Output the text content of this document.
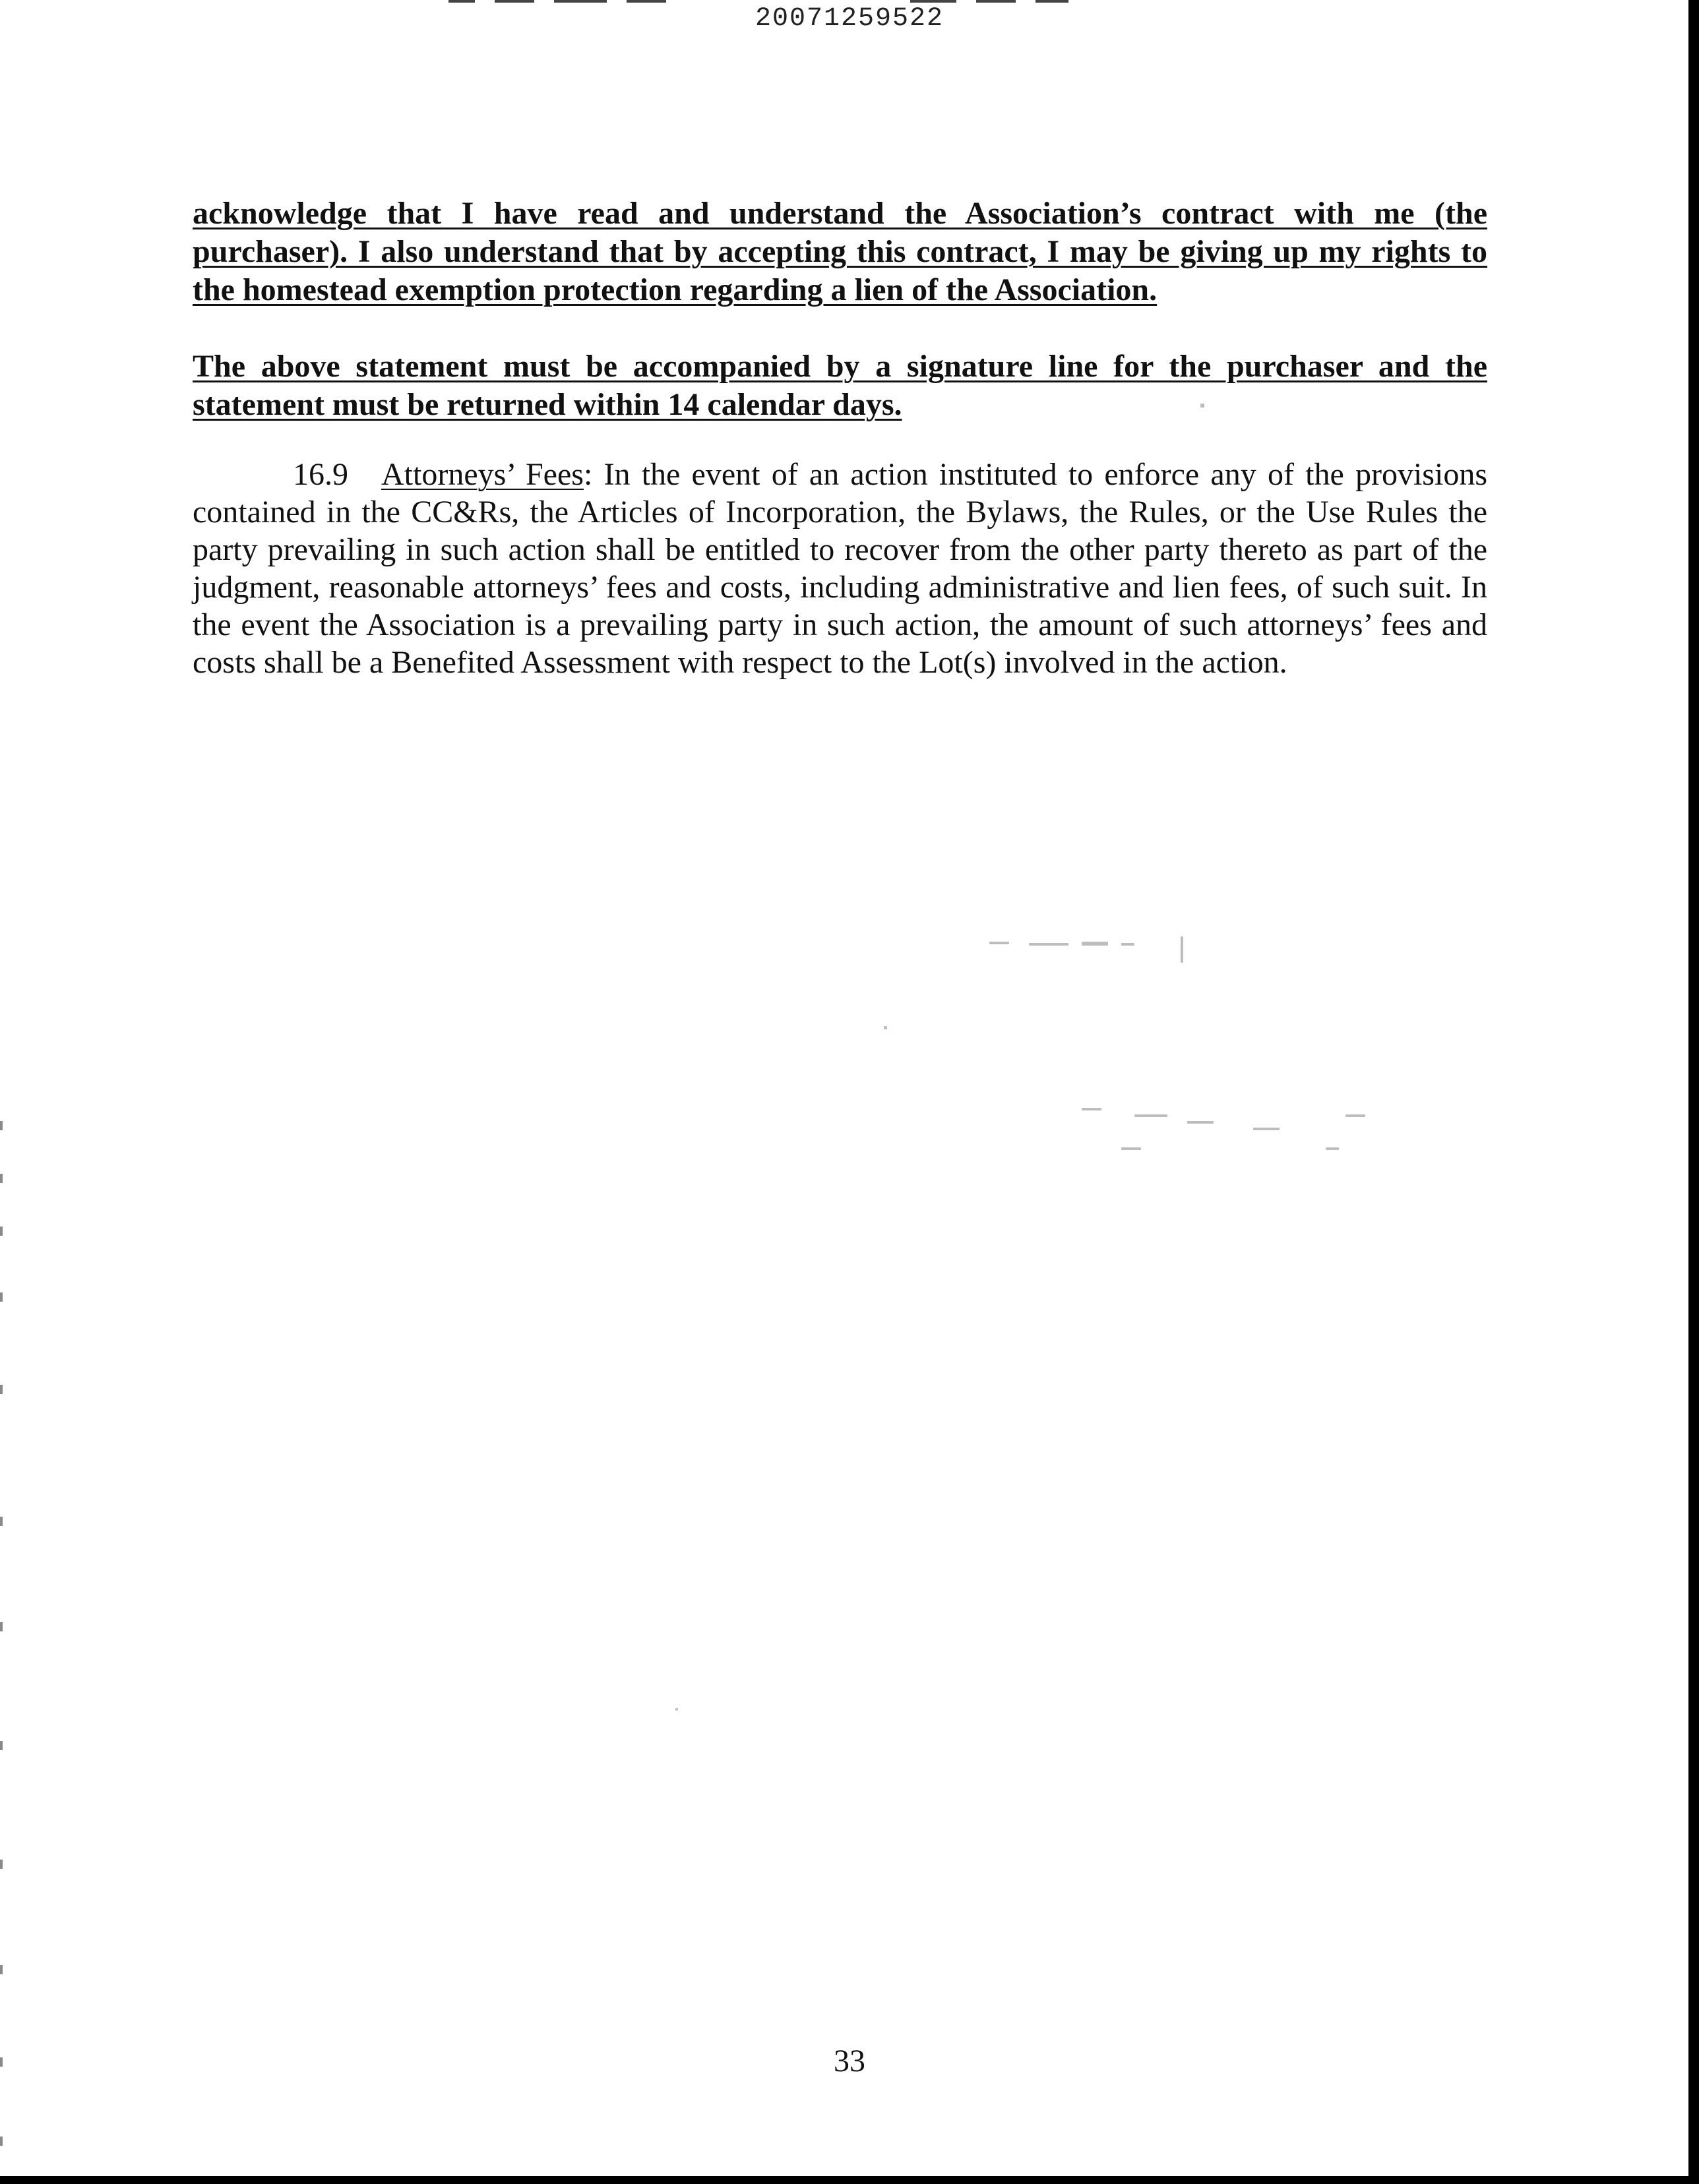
20071259522

acknowledge that I have read and understand the Association’s contract with me (the purchaser). I also understand that by accepting this contract, I may be giving up my rights to the homestead exemption protection regarding a lien of the Association.

The above statement must be accompanied by a signature line for the purchaser and the statement must be returned within 14 calendar days.

16.9 Attorneys’ Fees: In the event of an action instituted to enforce any of the provisions contained in the CC&Rs, the Articles of Incorporation, the Bylaws, the Rules, or the Use Rules the party prevailing in such action shall be entitled to recover from the other party thereto as part of the judgment, reasonable attorneys’ fees and costs, including administrative and lien fees, of such suit. In the event the Association is a prevailing party in such action, the amount of such attorneys’ fees and costs shall be a Benefited Assessment with respect to the Lot(s) involved in the action.

33
